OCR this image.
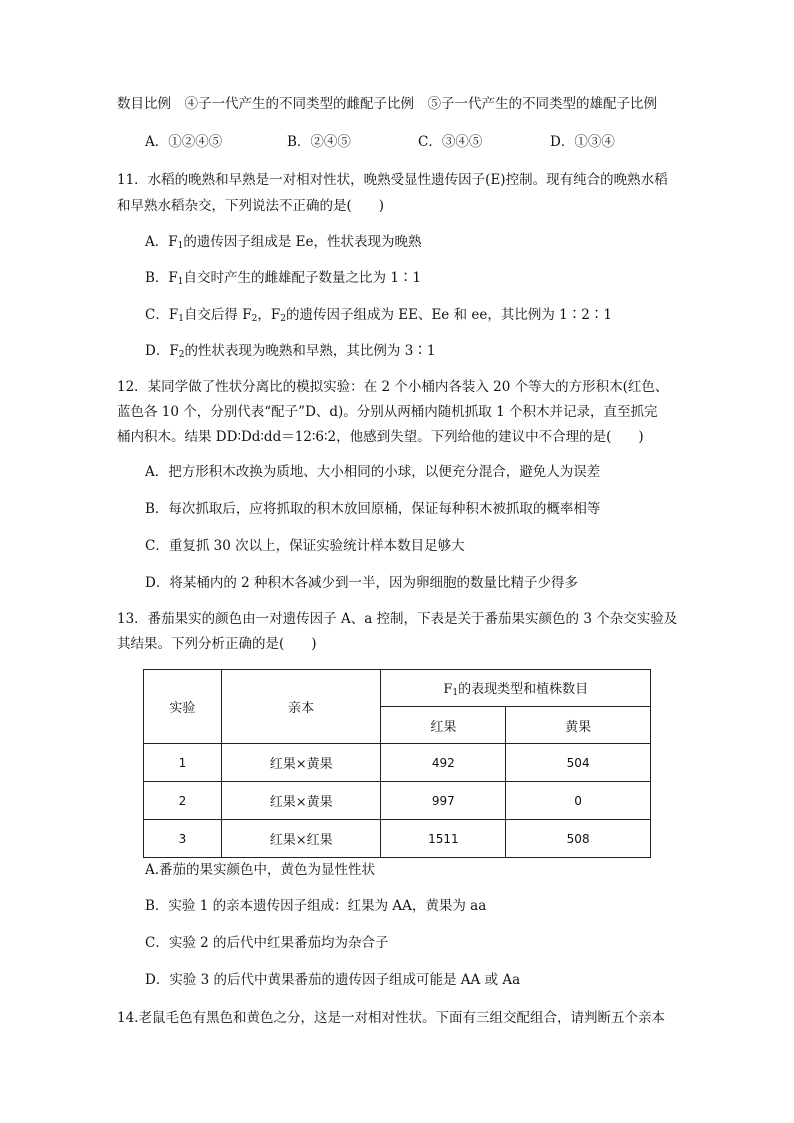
数目比例　④子一代产生的不同类型的雌配子比例　⑤子一代产生的不同类型的雄配子比例
A．①②④⑤	B．②④⑤	C．③④⑤	D．①③④
11．水稻的晚熟和早熟是一对相对性状，晚熟受显性遗传因子(E)控制。现有纯合的晚熟水稻
和早熟水稻杂交，下列说法不正确的是(　　)
A．$F_1$的遗传因子组成是 Ee，性状表现为晚熟
B．$F_1$自交时产生的雌雄配子数量之比为 1∶1
C．$F_1$自交后得 $F_2$，$F_2$的遗传因子组成为 EE、Ee 和 ee，其比例为 1∶2∶1
D．$F_2$的性状表现为晚熟和早熟，其比例为 3∶1
12．某同学做了性状分离比的模拟实验：在 2 个小桶内各装入 20 个等大的方形积木(红色、
蓝色各 10 个，分别代表“配子”D、d)。分别从两桶内随机抓取 1 个积木并记录，直至抓完
桶内积木。结果 DD∶Dd∶dd＝12∶6∶2，他感到失望。下列给他的建议中不合理的是(　　)
A．把方形积木改换为质地、大小相同的小球，以便充分混合，避免人为误差
B．每次抓取后，应将抓取的积木放回原桶，保证每种积木被抓取的概率相等
C．重复抓 30 次以上，保证实验统计样本数目足够大
D．将某桶内的 2 种积木各减少到一半，因为卵细胞的数量比精子少得多
13．番茄果实的颜色由一对遗传因子 A、a 控制，下表是关于番茄果实颜色的 3 个杂交实验及
其结果。下列分析正确的是(　　)
实验	亲本	$F_1$的表现类型和植株数目	
		红果	黄果
1	红果×黄果	492	504
2	红果×黄果	997	0
3	红果×红果	1511	508
A.番茄的果实颜色中，黄色为显性性状
B．实验 1 的亲本遗传因子组成：红果为 AA，黄果为 aa
C．实验 2 的后代中红果番茄均为杂合子
D．实验 3 的后代中黄果番茄的遗传因子组成可能是 AA 或 Aa
14.老鼠毛色有黑色和黄色之分，这是一对相对性状。下面有三组交配组合，请判断五个亲本
